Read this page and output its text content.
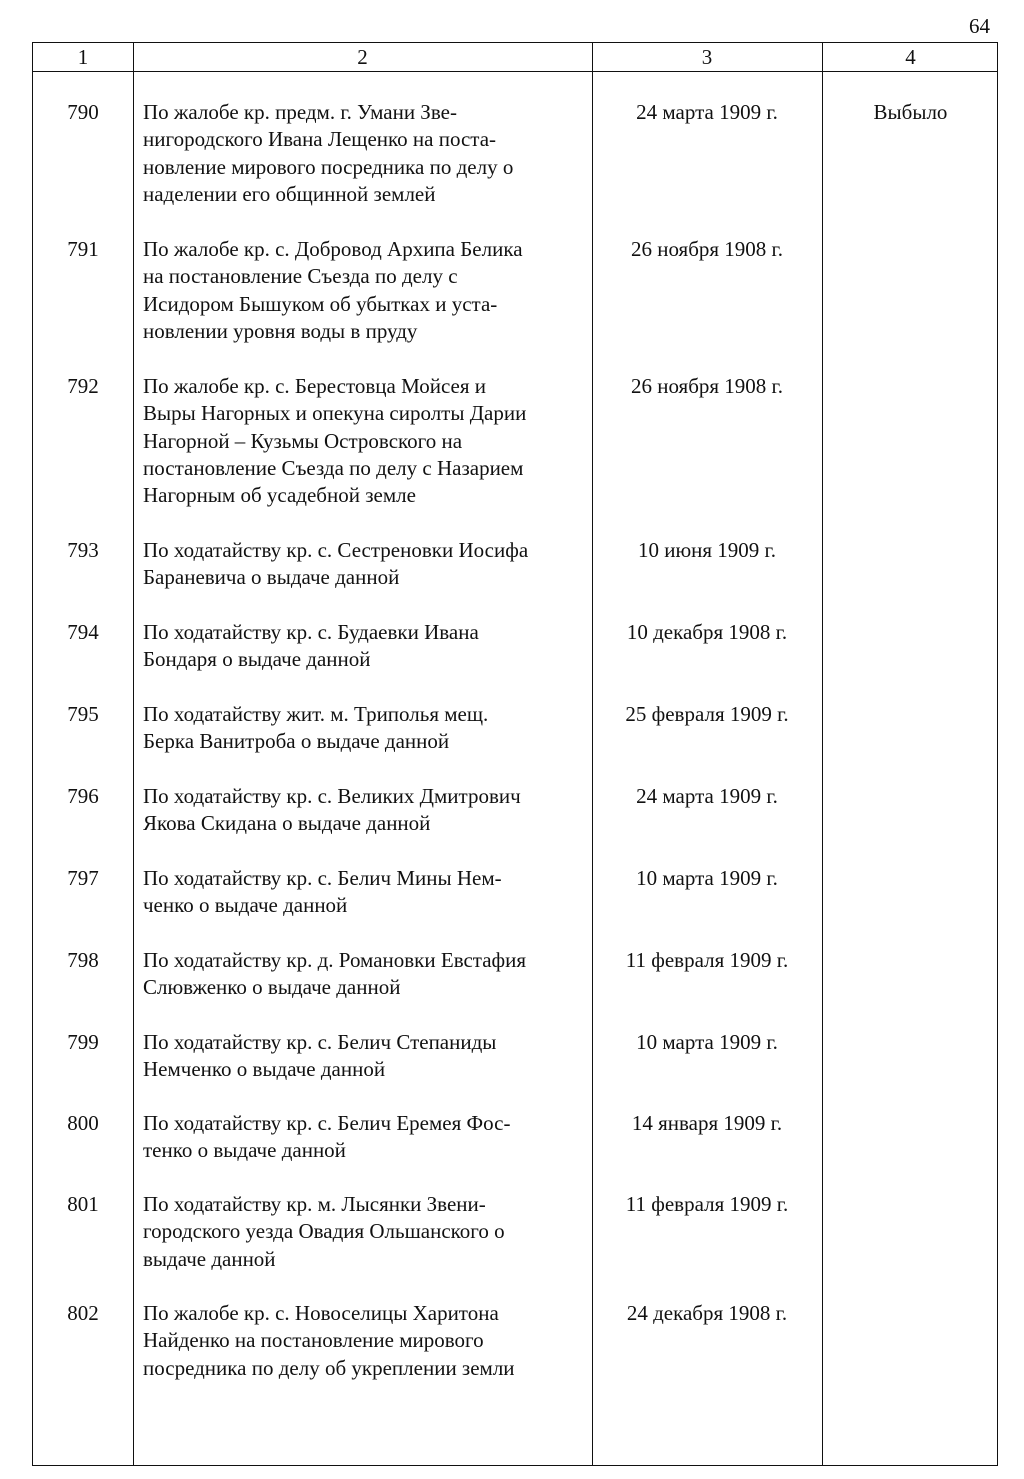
64
1	2	3	4
790	По жалобе кр. предм. г. Умани Зве-
нигородского Ивана Лещенко на поста-
новление мирового посредника по делу о
наделении его общинной землей
24 марта 1909 г.	Выбыло
791	По жалобе кр. с. Добровод Архипа Белика
на постановление Съезда по делу с
Исидором Бышуком об убытках и уста-
новлении уровня воды в пруду
26 ноября 1908 г.
792	По жалобе кр. с. Берестовца Мойсея и
Выры Нагорных и опекуна сиролты Дарии
Нагорной – Кузьмы Островского на
постановление Съезда по делу с Назарием
Нагорным об усадебной земле
26 ноября 1908 г.
793	По ходатайству кр. с. Сестреновки Иосифа
Бараневича о выдаче данной
10 июня 1909 г.
794	По ходатайству кр. с. Будаевки Ивана
Бондаря о выдаче данной
10 декабря 1908 г.
795	По ходатайству жит. м. Триполья мещ.
Берка Ванитроба о выдаче данной
25 февраля 1909 г.
796	По ходатайству кр. с. Великих Дмитрович
Якова Скидана о выдаче данной
24 марта 1909 г.
797	По ходатайству кр. с. Белич Мины Нем-
ченко о выдаче данной
10 марта 1909 г.
798	По ходатайству кр. д. Романовки Евстафия
Слювженко о выдаче данной
11 февраля 1909 г.
799	По ходатайству кр. с. Белич Степаниды
Немченко о выдаче данной
10 марта 1909 г.
800	По ходатайству кр. с. Белич Еремея Фос-
тенко о выдаче данной
14 января 1909 г.
801	По ходатайству кр. м. Лысянки Звени-
городского уезда Овадия Ольшанского о
выдаче данной
11 февраля 1909 г.
802	По жалобе кр. с. Новоселицы Харитона
Найденко на постановление мирового
посредника по делу об укреплении земли
24 декабря 1908 г.
